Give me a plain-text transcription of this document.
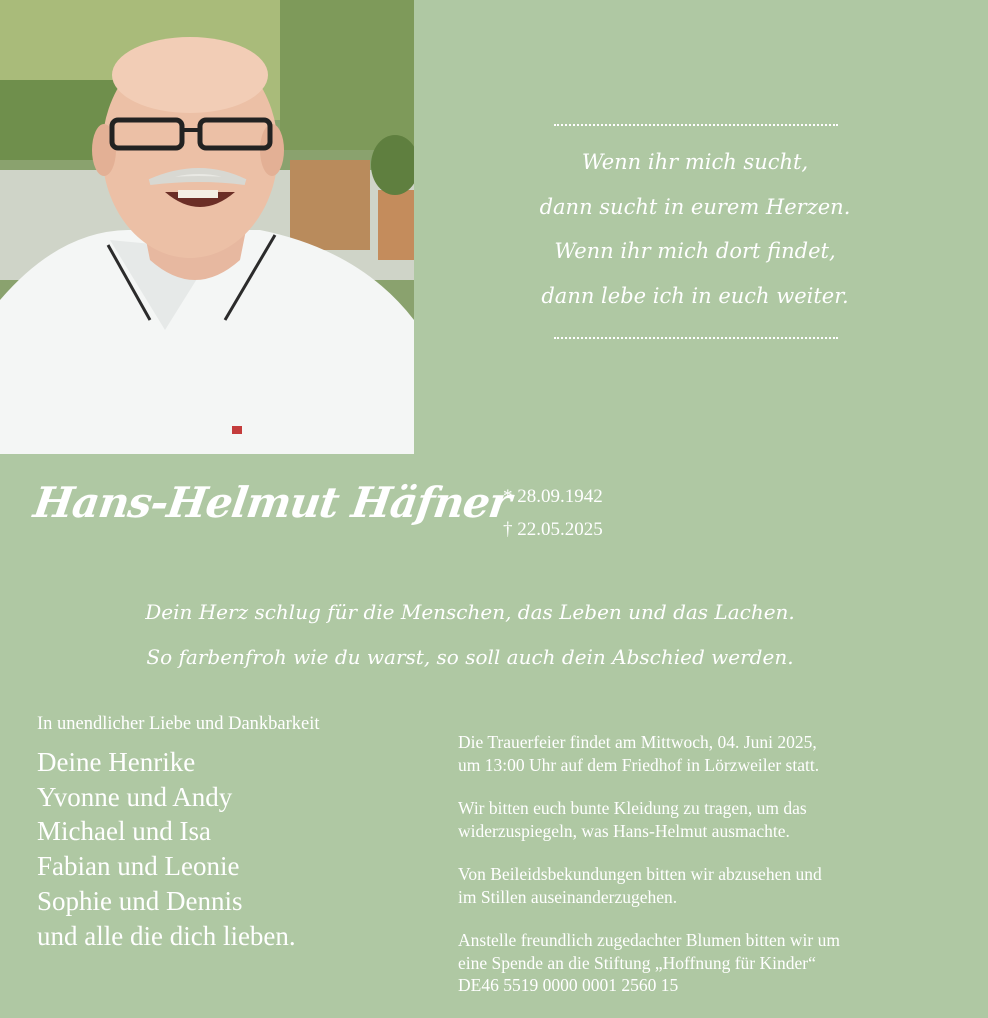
Wenn ihr mich sucht,
dann sucht in eurem Herzen.
Wenn ihr mich dort findet,
dann lebe ich in euch weiter.
Hans-Helmut Häfner
* 28.09.1942
† 22.05.2025
Dein Herz schlug für die Menschen, das Leben und das Lachen.
So farbenfroh wie du warst, so soll auch dein Abschied werden.
In unendlicher Liebe und Dankbarkeit
Deine Henrike
Yvonne und Andy
Michael und Isa
Fabian und Leonie
Sophie und Dennis
und alle die dich lieben.

Die Trauerfeier findet am Mittwoch, 04. Juni 2025,
um 13:00 Uhr auf dem Friedhof in Lörzweiler statt.

Wir bitten euch bunte Kleidung zu tragen, um das
widerzuspiegeln, was Hans-Helmut ausmachte.

Von Beileidsbekundungen bitten wir abzusehen und
im Stillen auseinanderzugehen.

Anstelle freundlich zugedachter Blumen bitten wir um
eine Spende an die Stiftung „Hoffnung für Kinder“
DE46 5519 0000 0001 2560 15
